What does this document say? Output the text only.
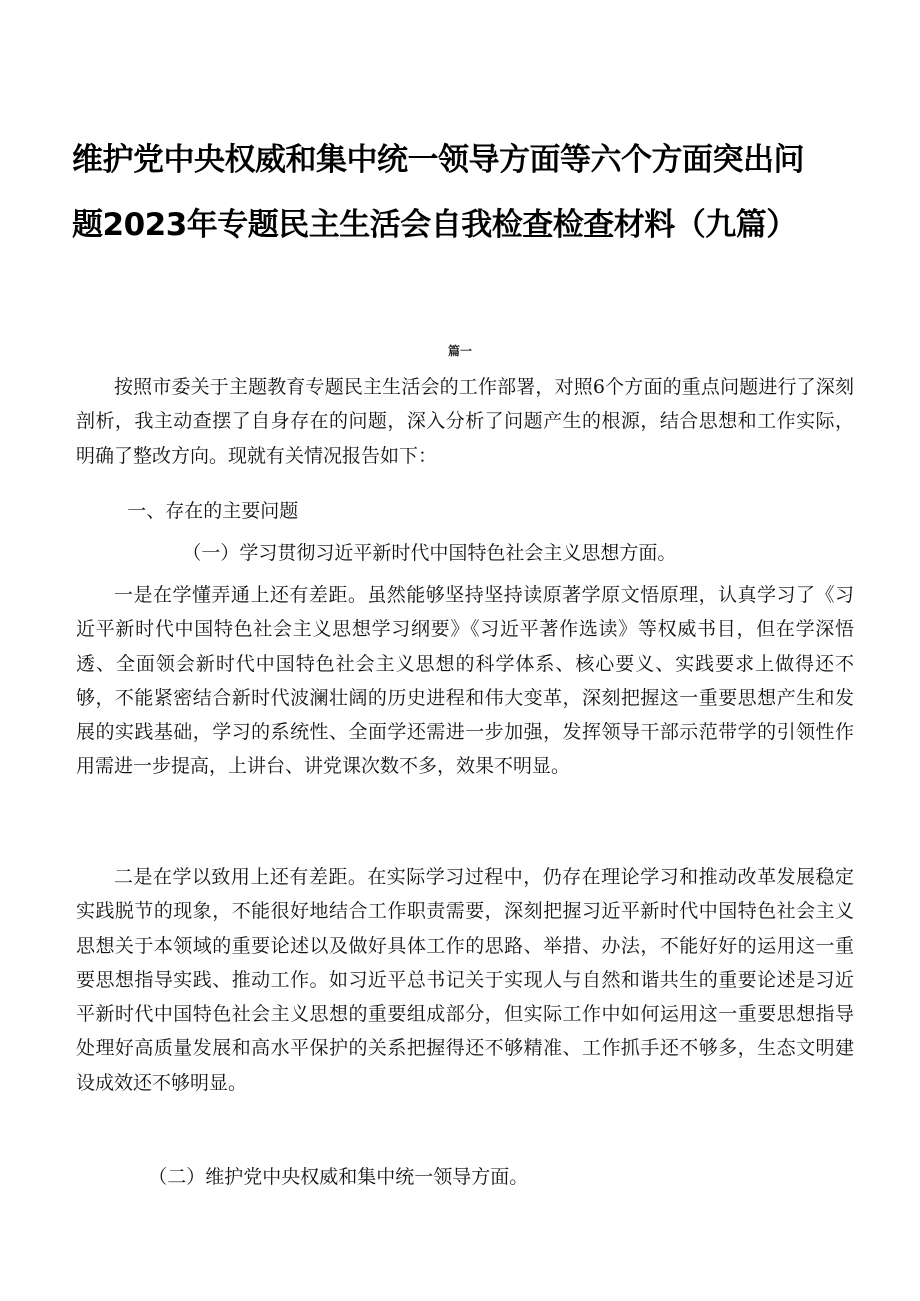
维护党中央权威和集中统一领导方面等六个方面突出问
题2023年专题民主生活会自我检查检查材料（九篇）
篇一

按照市委关于主题教育专题民主生活会的工作部署，对照6个方面的重点问题进行了深刻剖析，我主动查摆了自身存在的问题，深入分析了问题产生的根源，结合思想和工作实际，明确了整改方向。现就有关情况报告如下：

一、存在的主要问题

（一）学习贯彻习近平新时代中国特色社会主义思想方面。

一是在学懂弄通上还有差距。虽然能够坚持坚持读原著学原文悟原理，认真学习了《习近平新时代中国特色社会主义思想学习纲要》《习近平著作选读》等权威书目，但在学深悟透、全面领会新时代中国特色社会主义思想的科学体系、核心要义、实践要求上做得还不够，不能紧密结合新时代波澜壮阔的历史进程和伟大变革，深刻把握这一重要思想产生和发展的实践基础，学习的系统性、全面学还需进一步加强，发挥领导干部示范带学的引领性作用需进一步提高，上讲台、讲党课次数不多，效果不明显。

二是在学以致用上还有差距。在实际学习过程中，仍存在理论学习和推动改革发展稳定实践脱节的现象，不能很好地结合工作职责需要，深刻把握习近平新时代中国特色社会主义思想关于本领域的重要论述以及做好具体工作的思路、举措、办法，不能好好的运用这一重要思想指导实践、推动工作。如习近平总书记关于实现人与自然和谐共生的重要论述是习近平新时代中国特色社会主义思想的重要组成部分，但实际工作中如何运用这一重要思想指导处理好高质量发展和高水平保护的关系把握得还不够精准、工作抓手还不够多，生态文明建设成效还不够明显。

（二）维护党中央权威和集中统一领导方面。
